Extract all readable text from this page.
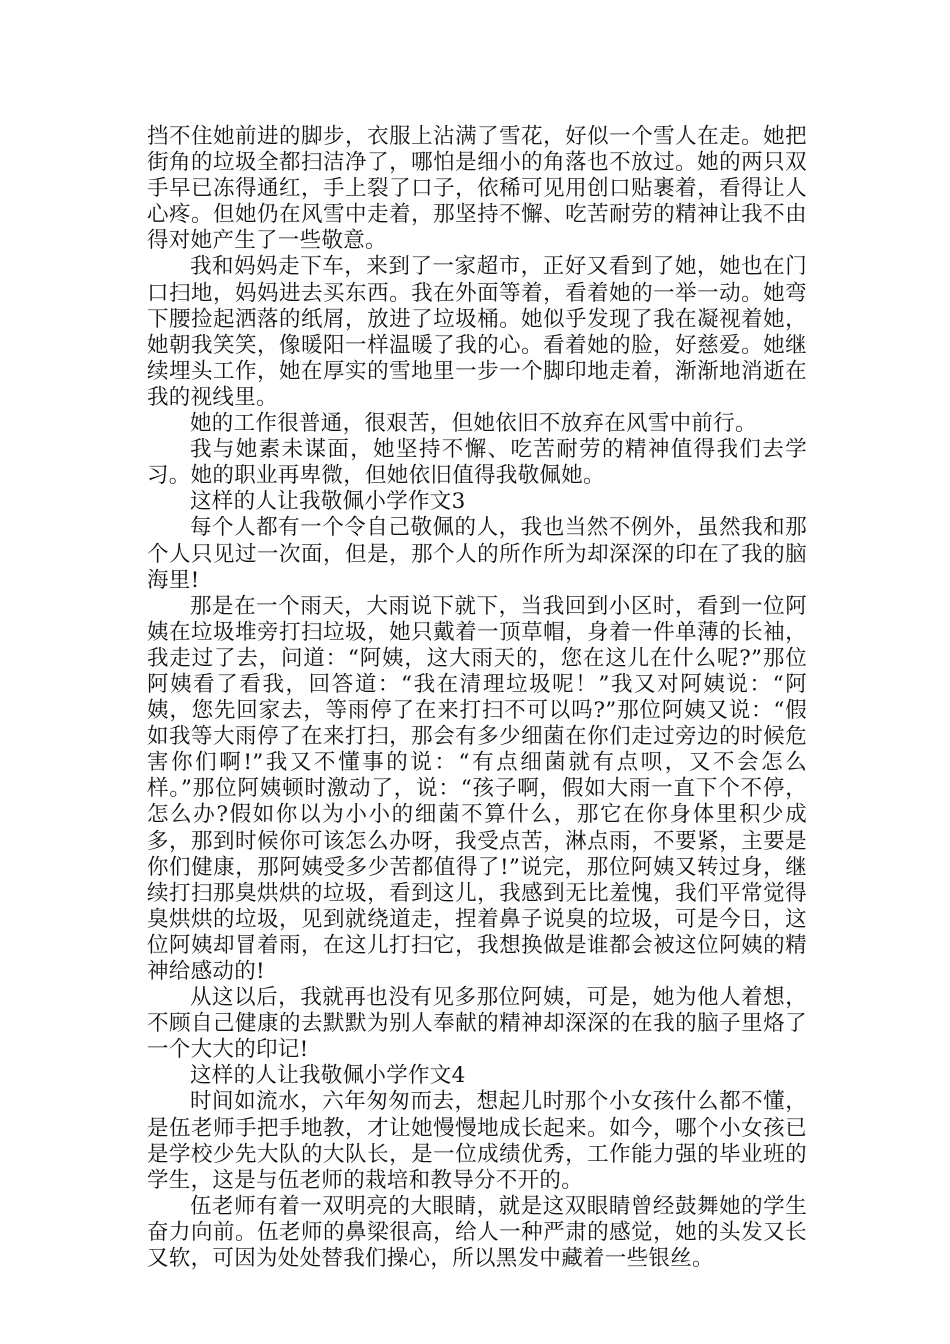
挡不住她前进的脚步，衣服上沾满了雪花，好似一个雪人在走。她把街角的垃圾全都扫洁净了，哪怕是细小的角落也不放过。她的两只双手早已冻得通红，手上裂了口子，依稀可见用创口贴裹着，看得让人心疼。但她仍在风雪中走着，那坚持不懈、吃苦耐劳的精神让我不由得对她产生了一些敬意。

我和妈妈走下车，来到了一家超市，正好又看到了她，她也在门口扫地，妈妈进去买东西。我在外面等着，看着她的一举一动。她弯下腰捡起洒落的纸屑，放进了垃圾桶。她似乎发现了我在凝视着她，她朝我笑笑，像暖阳一样温暖了我的心。看着她的脸，好慈爱。她继续埋头工作，她在厚实的雪地里一步一个脚印地走着，渐渐地消逝在我的视线里。

她的工作很普通，很艰苦，但她依旧不放弃在风雪中前行。

我与她素未谋面，她坚持不懈、吃苦耐劳的精神值得我们去学习。她的职业再卑微，但她依旧值得我敬佩她。

这样的人让我敬佩小学作文3

每个人都有一个令自己敬佩的人，我也当然不例外，虽然我和那个人只见过一次面，但是，那个人的所作所为却深深的印在了我的脑海里!

那是在一个雨天，大雨说下就下，当我回到小区时，看到一位阿姨在垃圾堆旁打扫垃圾，她只戴着一顶草帽，身着一件单薄的长袖，我走过了去，问道：“阿姨，这大雨天的，您在这儿在什么呢?”那位阿姨看了看我，回答道：“我在清理垃圾呢！”我又对阿姨说：“阿姨，您先回家去，等雨停了在来打扫不可以吗?”那位阿姨又说：“假如我等大雨停了在来打扫，那会有多少细菌在你们走过旁边的时候危害你们啊!”我又不懂事的说：“有点细菌就有点呗，又不会怎么样。”那位阿姨顿时激动了，说：“孩子啊，假如大雨一直下个不停，怎么办?假如你以为小小的细菌不算什么，那它在你身体里积少成多，那到时候你可该怎么办呀，我受点苦，淋点雨，不要紧，主要是你们健康，那阿姨受多少苦都值得了!”说完，那位阿姨又转过身，继续打扫那臭烘烘的垃圾，看到这儿，我感到无比羞愧，我们平常觉得臭烘烘的垃圾，见到就绕道走，捏着鼻子说臭的垃圾，可是今日，这位阿姨却冒着雨，在这儿打扫它，我想换做是谁都会被这位阿姨的精神给感动的!

从这以后，我就再也没有见多那位阿姨，可是，她为他人着想，不顾自己健康的去默默为别人奉献的精神却深深的在我的脑子里烙了一个大大的印记!

这样的人让我敬佩小学作文4

时间如流水，六年匆匆而去，想起儿时那个小女孩什么都不懂，是伍老师手把手地教，才让她慢慢地成长起来。如今，哪个小女孩已是学校少先大队的大队长，是一位成绩优秀，工作能力强的毕业班的学生，这是与伍老师的栽培和教导分不开的。

伍老师有着一双明亮的大眼睛，就是这双眼睛曾经鼓舞她的学生奋力向前。伍老师的鼻梁很高，给人一种严肃的感觉，她的头发又长又软，可因为处处替我们操心，所以黑发中藏着一些银丝。
